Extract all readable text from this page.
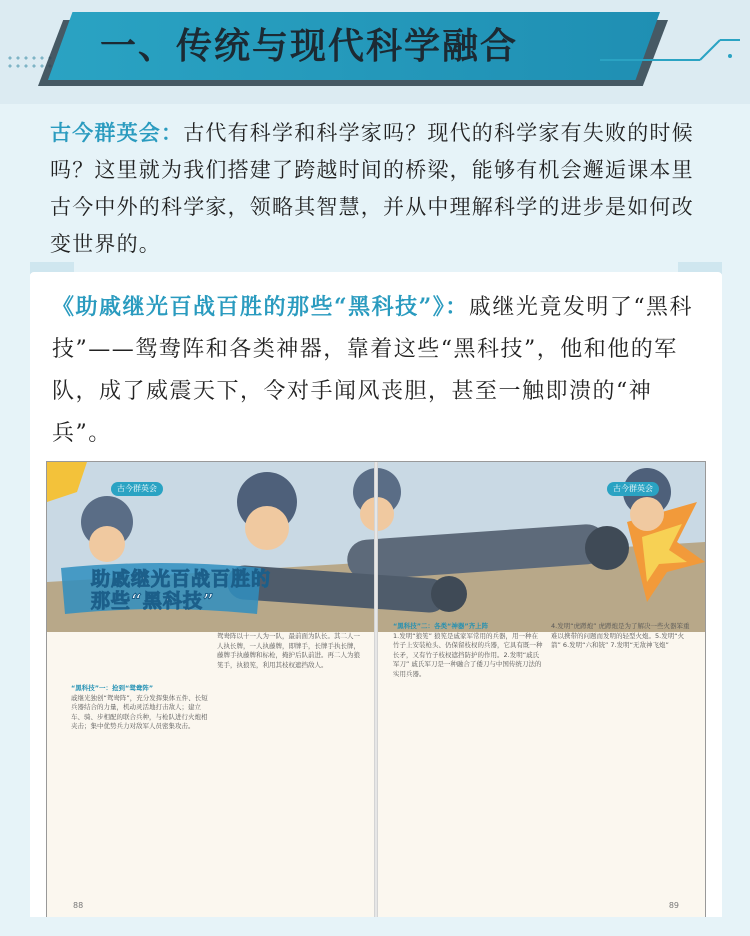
一、传统与现代科学融合
古今群英会：古代有科学和科学家吗？现代的科学家有失败的时候吗？这里就为我们搭建了跨越时间的桥梁，能够有机会邂逅课本里古今中外的科学家，领略其智慧，并从中理解科学的进步是如何改变世界的。
《助戚继光百战百胜的那些“黑科技”》：戚继光竟发明了“黑科技”——鸳鸯阵和各类神器，靠着这些“黑科技”，他和他的军队，成了威震天下，令对手闻风丧胆，甚至一触即溃的“神兵”。
助戚继光百战百胜的
那些“黑科技”
古今群英会	古今群英会
“黑科技”一：抢到“鸳鸯阵”
戚继光独创“鸳鸯阵”，充分发挥集体五件、长短兵器结合的力量，机动灵活地打击敌人；建立车、骑、步相配的联合兵种，与枪队进行火炮相夹击；集中优势兵力对敌军人员密集攻击。
鸳鸯阵以十一人为一队，最前面为队长。其二人一人执长牌，一人执藤牌，即牌手，长牌手执长牌，藤牌手执藤牌和标枪，掩护后队前进。再二人为狼筅手，执狼筅，利用其枝杈遮挡敌人。
88
“黑科技”二：各类“神器”齐上阵
1.发明“狼筅” 狼筅是戚家军常用的兵器，用一种在竹子上安装枪头、仍保留枝杈的兵器，它具有既一种长矛，又有竹子枝杈遮挡防护的作用。2.发明“戚氏军刀” 戚氏军刀是一种融合了倭刀与中国传统刀法的实用兵器。
4.发明“虎蹲炮” 虎蹲炮是为了解决一些火器笨重难以携带的问题而发明的轻型火炮。5.发明“火箭” 6.发明“六和铳” 7.发明“无敌神飞炮”
89
